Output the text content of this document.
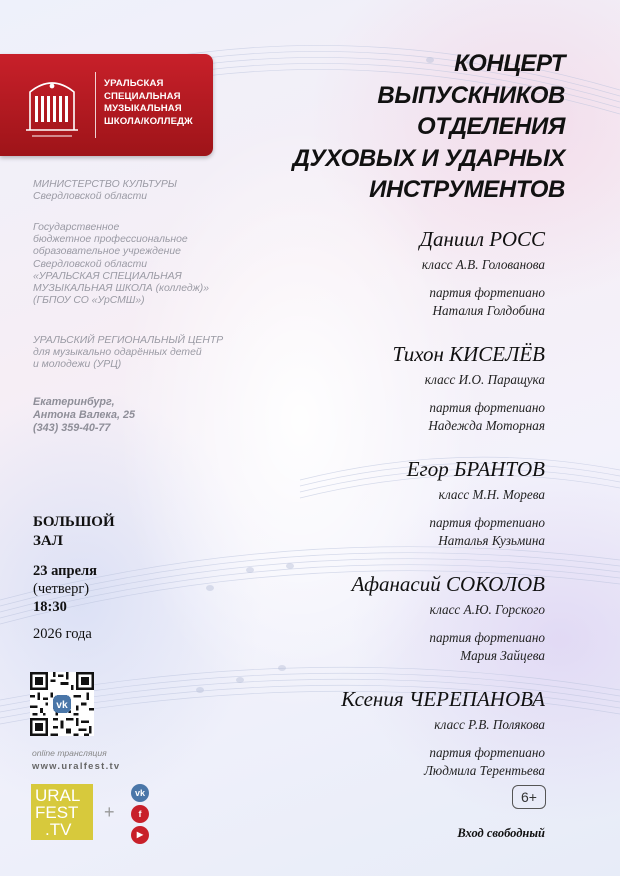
УРАЛЬСКАЯ
СПЕЦИАЛЬНАЯ
МУЗЫКАЛЬНАЯ
ШКОЛА/КОЛЛЕДЖ
МИНИСТЕРСТВО КУЛЬТУРЫ
Свердловской области
Государственное
бюджетное профессиональное
образовательное учреждение
Свердловской области
«УРАЛЬСКАЯ СПЕЦИАЛЬНАЯ
МУЗЫКАЛЬНАЯ ШКОЛА (колледж)»
(ГБПОУ СО «УрСМШ»)
УРАЛЬСКИЙ РЕГИОНАЛЬНЫЙ ЦЕНТР
для музыкально одарённых детей
и молодежи (УРЦ)
Екатеринбург,
Антона Валека, 25
(343) 359-40-77
БОЛЬШОЙ
ЗАЛ
23 апреля
(четверг)
18:30
2026 года
vk
online трансляция
www.uralfest.tv
URAL
FEST
.TV
+
vk
f
▶
КОНЦЕРТ
ВЫПУСКНИКОВ
ОТДЕЛЕНИЯ
ДУХОВЫХ И УДАРНЫХ
ИНСТРУМЕНТОВ
Даниил РОСС
класс А.В. Голованова
партия фортепиано
Наталия Голдобина
Тихон КИСЕЛЁВ
класс И.О. Паращука
партия фортепиано
Надежда Моторная
Егор БРАНТОВ
класс М.Н. Морева
партия фортепиано
Наталья Кузьмина
Афанасий СОКОЛОВ
класс А.Ю. Горского
партия фортепиано
Мария Зайцева
Ксения ЧЕРЕПАНОВА
класс Р.В. Полякова
партия фортепиано
Людмила Терентьева
6+
Вход свободный
